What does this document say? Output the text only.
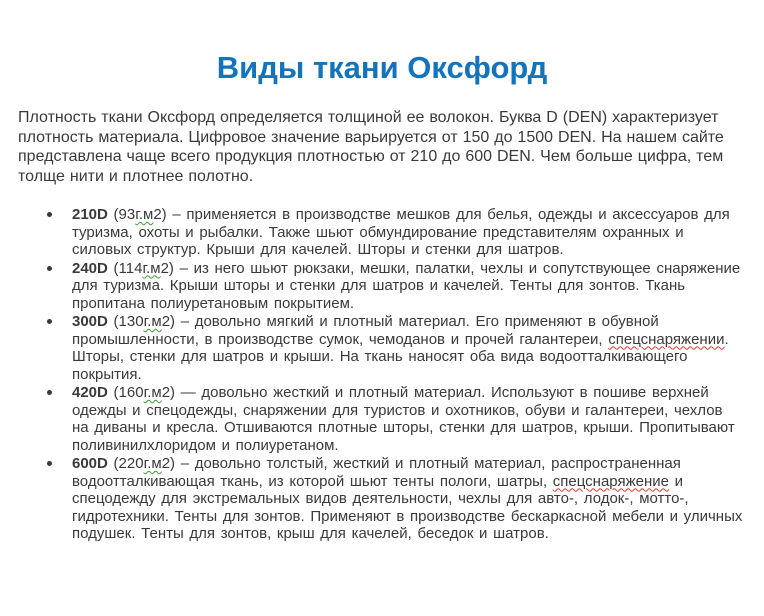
Виды ткани Оксфорд

Плотность ткани Оксфорд определяется толщиной ее волокон. Буква D (DEN) характеризует плотность материала. Цифровое значение варьируется от 150 до 1500 DEN. На нашем сайте представлена чаще всего продукция плотностью от 210 до 600 DEN. Чем больше цифра, тем толще нити и плотнее полотно.

210D (93г.м2) – применяется в производстве мешков для белья, одежды и аксессуаров для туризма, охоты и рыбалки. Также шьют обмундирование представителям охранных и силовых структур. Крыши для качелей. Шторы и стенки для шатров.
240D (114г.м2) – из него шьют рюкзаки, мешки, палатки, чехлы и сопутствующее снаряжение для туризма. Крыши шторы и стенки для шатров и качелей. Тенты для зонтов. Ткань пропитана полиуретановым покрытием.
300D (130г.м2) – довольно мягкий и плотный материал. Его применяют в обувной промышленности, в производстве сумок, чемоданов и прочей галантереи, спецснаряжении. Шторы, стенки для шатров и крыши. На ткань наносят оба вида водоотталкивающего покрытия.
420D (160г.м2) — довольно жесткий и плотный материал. Используют в пошиве верхней одежды и спецодежды, снаряжении для туристов и охотников, обуви и галантереи, чехлов на диваны и кресла. Отшиваются плотные шторы, стенки для шатров, крыши. Пропитывают поливинилхлоридом и полиуретаном.
600D (220г.м2) – довольно толстый, жесткий и плотный материал, распространенная водоотталкивающая ткань, из которой шьют тенты пологи, шатры, спецснаряжение и спецодежду для экстремальных видов деятельности, чехлы для авто-, лодок-, мотто-, гидротехники. Тенты для зонтов. Применяют в производстве бескаркасной мебели и уличных подушек. Тенты для зонтов, крыш для качелей, беседок и шатров.
